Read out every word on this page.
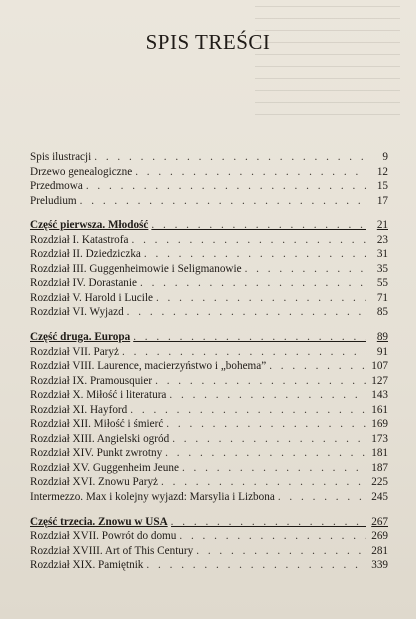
SPIS TREŚCI
Spis ilustracji . . .	9
Drzewo genealogiczne . . .	12
Przedmowa . . .	15
Preludium . . .	17
Część pierwsza. Młodość . . .	21
Rozdział I. Katastrofa . . .	23
Rozdział II. Dziedziczka . . .	31
Rozdział III. Guggenheimowie i Seligmanowie . . .	35
Rozdział IV. Dorastanie . . .	55
Rozdział V. Harold i Lucile . . .	71
Rozdział VI. Wyjazd . . .	85
Część druga. Europa . . .	89
Rozdział VII. Paryż . . .	91
Rozdział VIII. Laurence, macierzyństwo i „bohema” . . .	107
Rozdział IX. Pramousquier . . .	127
Rozdział X. Miłość i literatura . . .	143
Rozdział XI. Hayford . . .	161
Rozdział XII. Miłość i śmierć . . .	169
Rozdział XIII. Angielski ogród . . .	173
Rozdział XIV. Punkt zwrotny . . .	181
Rozdział XV. Guggenheim Jeune . . .	187
Rozdział XVI. Znowu Paryż . . .	225
Intermezzo. Max i kolejny wyjazd: Marsylia i Lizbona . . .	245
Część trzecia. Znowu w USA . . .	267
Rozdział XVII. Powrót do domu . . .	269
Rozdział XVIII. Art of This Century . . .	281
Rozdział XIX. Pamiętnik . . .	339
